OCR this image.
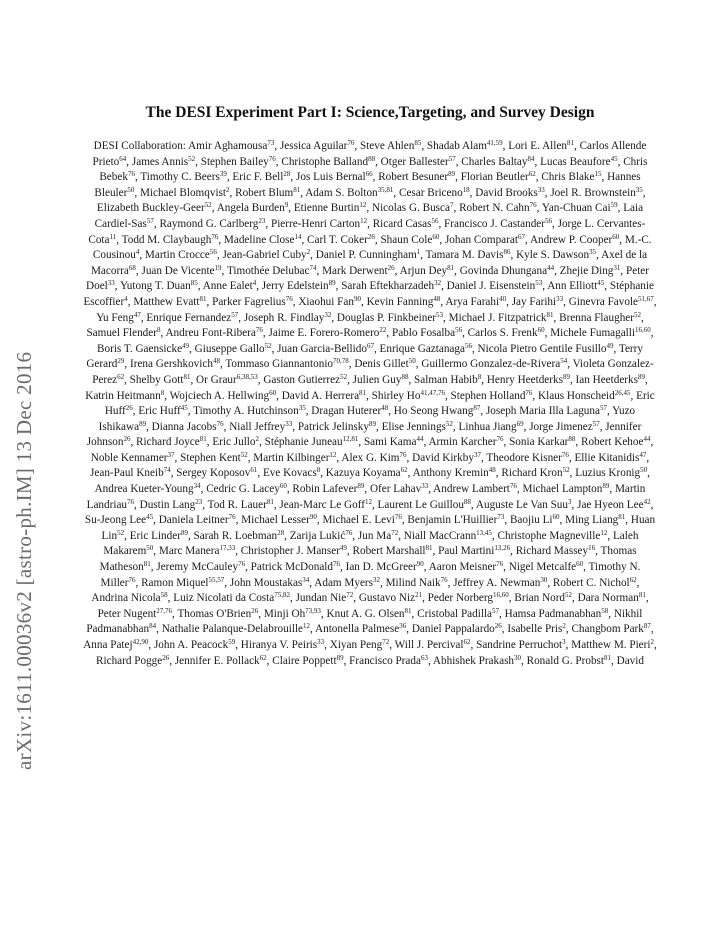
arXiv:1611.00036v2 [astro-ph.IM] 13 Dec 2016
The DESI Experiment Part I: Science,Targeting, and Survey Design
DESI Collaboration: Amir Aghamousa$^{73}$, Jessica Aguilar$^{76}$, Steve Ahlen$^{85}$, Shadab Alam$^{41,59}$, Lori E. Allen$^{81}$, Carlos Allende Prieto$^{64}$, James Annis$^{52}$, Stephen Bailey$^{76}$, Christophe Balland$^{88}$, Otger Ballester$^{57}$, Charles Baltay$^{84}$, Lucas Beaufore$^{45}$, Chris Bebek$^{76}$, Timothy C. Beers$^{39}$, Eric F. Bell$^{28}$, Jos Luis Bernal$^{66}$, Robert Besuner$^{89}$, Florian Beutler$^{62}$, Chris Blake$^{15}$, Hannes Bleuler$^{50}$, Michael Blomqvist$^2$, Robert Blum$^{81}$, Adam S. Bolton$^{35,81}$, Cesar Briceno$^{18}$, David Brooks$^{33}$, Joel R. Brownstein$^{35}$, Elizabeth Buckley-Geer$^{52}$, Angela Burden$^9$, Etienne Burtin$^{12}$, Nicolas G. Busca$^7$, Robert N. Cahn$^{76}$, Yan-Chuan Cai$^{59}$, Laia Cardiel-Sas$^{57}$, Raymond G. Carlberg$^{23}$, Pierre-Henri Carton$^{12}$, Ricard Casas$^{56}$, Francisco J. Castander$^{56}$, Jorge L. Cervantes-Cota$^{11}$, Todd M. Claybaugh$^{76}$, Madeline Close$^{14}$, Carl T. Coker$^{26}$, Shaun Cole$^{60}$, Johan Comparat$^{67}$, Andrew P. Cooper$^{60}$, M.-C. Cousinou$^4$, Martin Crocce$^{56}$, Jean-Gabriel Cuby$^2$, Daniel P. Cunningham$^1$, Tamara M. Davis$^{86}$, Kyle S. Dawson$^{35}$, Axel de la Macorra$^{68}$, Juan De Vicente$^{19}$, Timothée Delubac$^{74}$, Mark Derwent$^{26}$, Arjun Dey$^{81}$, Govinda Dhungana$^{44}$, Zhejie Ding$^{31}$, Peter Doel$^{33}$, Yutong T. Duan$^{85}$, Anne Ealet$^4$, Jerry Edelstein$^{89}$, Sarah Eftekharzadeh$^{32}$, Daniel J. Eisenstein$^{53}$, Ann Elliott$^{45}$, Stéphanie Escoffier$^4$, Matthew Evatt$^{81}$, Parker Fagrelius$^{76}$, Xiaohui Fan$^{90}$, Kevin Fanning$^{48}$, Arya Farahi$^{40}$, Jay Farihi$^{33}$, Ginevra Favole$^{51,67}$, Yu Feng$^{47}$, Enrique Fernandez$^{57}$, Joseph R. Findlay$^{32}$, Douglas P. Finkbeiner$^{53}$, Michael J. Fitzpatrick$^{81}$, Brenna Flaugher$^{52}$, Samuel Flender$^8$, Andreu Font-Ribera$^{76}$, Jaime E. Forero-Romero$^{22}$, Pablo Fosalba$^{56}$, Carlos S. Frenk$^{60}$, Michele Fumagalli$^{16,60}$, Boris T. Gaensicke$^{49}$, Giuseppe Gallo$^{52}$, Juan Garcia-Bellido$^{67}$, Enrique Gaztanaga$^{56}$, Nicola Pietro Gentile Fusillo$^{49}$, Terry Gerard$^{29}$, Irena Gershkovich$^{48}$, Tommaso Giannantonio$^{70,78}$, Denis Gillet$^{50}$, Guillermo Gonzalez-de-Rivera$^{54}$, Violeta Gonzalez-Perez$^{62}$, Shelby Gott$^{81}$, Or Graur$^{6,38,53}$, Gaston Gutierrez$^{52}$, Julien Guy$^{88}$, Salman Habib$^8$, Henry Heetderks$^{89}$, Ian Heetderks$^{89}$, Katrin Heitmann$^8$, Wojciech A. Hellwing$^{60}$, David A. Herrera$^{81}$, Shirley Ho$^{41,47,76}$, Stephen Holland$^{76}$, Klaus Honscheid$^{26,45}$, Eric Huff$^{26}$, Eric Huff$^{45}$, Timothy A. Hutchinson$^{35}$, Dragan Huterer$^{48}$, Ho Seong Hwang$^{87}$, Joseph Maria Illa Laguna$^{57}$, Yuzo Ishikawa$^{89}$, Dianna Jacobs$^{76}$, Niall Jeffrey$^{33}$, Patrick Jelinsky$^{89}$, Elise Jennings$^{52}$, Linhua Jiang$^{69}$, Jorge Jimenez$^{57}$, Jennifer Johnson$^{26}$, Richard Joyce$^{81}$, Eric Jullo$^2$, Stéphanie Juneau$^{12,81}$, Sami Kama$^{44}$, Armin Karcher$^{76}$, Sonia Karkar$^{88}$, Robert Kehoe$^{44}$, Noble Kennamer$^{37}$, Stephen Kent$^{52}$, Martin Kilbinger$^{12}$, Alex G. Kim$^{76}$, David Kirkby$^{37}$, Theodore Kisner$^{76}$, Ellie Kitanidis$^{47}$, Jean-Paul Kneib$^{74}$, Sergey Koposov$^{61}$, Eve Kovacs$^8$, Kazuya Koyama$^{62}$, Anthony Kremin$^{48}$, Richard Kron$^{52}$, Luzius Kronig$^{50}$, Andrea Kueter-Young$^{34}$, Cedric G. Lacey$^{60}$, Robin Lafever$^{89}$, Ofer Lahav$^{33}$, Andrew Lambert$^{76}$, Michael Lampton$^{89}$, Martin Landriau$^{76}$, Dustin Lang$^{23}$, Tod R. Lauer$^{81}$, Jean-Marc Le Goff$^{12}$, Laurent Le Guillou$^{88}$, Auguste Le Van Suu$^3$, Jae Hyeon Lee$^{42}$, Su-Jeong Lee$^{45}$, Daniela Leitner$^{76}$, Michael Lesser$^{90}$, Michael E. Levi$^{76}$, Benjamin L'Huillier$^{73}$, Baojiu Li$^{60}$, Ming Liang$^{81}$, Huan Lin$^{52}$, Eric Linder$^{89}$, Sarah R. Loebman$^{28}$, Zarija Lukić$^{76}$, Jun Ma$^{72}$, Niall MacCrann$^{13,45}$, Christophe Magneville$^{12}$, Laleh Makarem$^{50}$, Marc Manera$^{17,33}$, Christopher J. Manser$^{49}$, Robert Marshall$^{81}$, Paul Martini$^{13,26}$, Richard Massey$^{16}$, Thomas Matheson$^{81}$, Jeremy McCauley$^{76}$, Patrick McDonald$^{76}$, Ian D. McGreer$^{90}$, Aaron Meisner$^{76}$, Nigel Metcalfe$^{60}$, Timothy N. Miller$^{76}$, Ramon Miquel$^{55,57}$, John Moustakas$^{34}$, Adam Myers$^{32}$, Milind Naik$^{76}$, Jeffrey A. Newman$^{30}$, Robert C. Nichol$^{62}$, Andrina Nicola$^{58}$, Luiz Nicolati da Costa$^{75,82}$, Jundan Nie$^{72}$, Gustavo Niz$^{21}$, Peder Norberg$^{16,60}$, Brian Nord$^{52}$, Dara Norman$^{81}$, Peter Nugent$^{27,76}$, Thomas O'Brien$^{26}$, Minji Oh$^{73,93}$, Knut A. G. Olsen$^{81}$, Cristobal Padilla$^{57}$, Hamsa Padmanabhan$^{58}$, Nikhil Padmanabhan$^{84}$, Nathalie Palanque-Delabrouille$^{12}$, Antonella Palmese$^{36}$, Daniel Pappalardo$^{26}$, Isabelle Pris$^2$, Changbom Park$^{87}$, Anna Patej$^{42,90}$, John A. Peacock$^{59}$, Hiranya V. Peiris$^{33}$, Xiyan Peng$^{72}$, Will J. Percival$^{62}$, Sandrine Perruchot$^3$, Matthew M. Pieri$^2$, Richard Pogge$^{26}$, Jennifer E. Pollack$^{62}$, Claire Poppett$^{89}$, Francisco Prada$^{63}$, Abhishek Prakash$^{30}$, Ronald G. Probst$^{81}$, David
